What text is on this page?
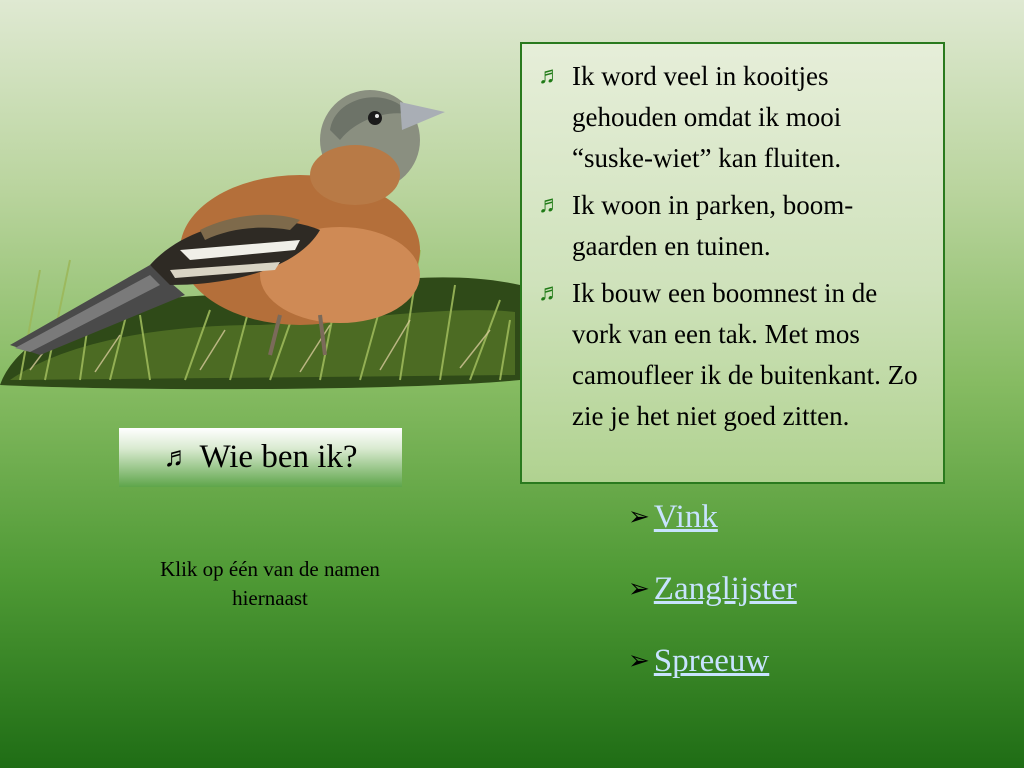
♬ Ik word veel in kooitjes gehouden omdat ik mooi “suske-wiet” kan fluiten.
♬ Ik woon in parken, boom-gaarden en tuinen.
♬ Ik bouw een boomnest in de vork van een tak. Met mos camoufleer ik de buitenkant. Zo zie je het niet goed zitten.
♬ Wie ben ik?
Klik op één van de namen hiernaast
➢ Vink
➢ Zanglijster
➢ Spreeuw
